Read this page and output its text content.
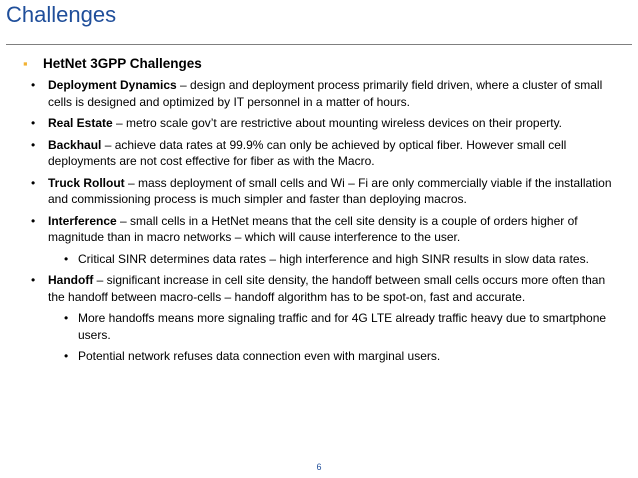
Challenges
▪	HetNet 3GPP Challenges
•	Deployment Dynamics – design and deployment process primarily field driven, where a cluster of small cells is designed and optimized by IT personnel in a matter of hours.
•	Real Estate – metro scale gov’t are restrictive about mounting wireless devices on their property.
•	Backhaul – achieve data rates at 99.9% can only be achieved by optical fiber. However small cell deployments are not cost effective for fiber as with the Macro.
•	Truck Rollout – mass deployment of small cells and Wi – Fi are only commercially viable if the installation and commissioning process is much simpler and faster than deploying macros.
•	Interference – small cells in a HetNet means that the cell site density is a couple of orders higher of magnitude than in macro networks – which will cause interference to the user.
• Critical SINR determines data rates – high interference and high SINR results in slow data rates.
•	Handoff – significant increase in cell site density, the handoff between small cells occurs more often than the handoff between macro-cells – handoff algorithm has to be spot-on, fast and accurate.
• More handoffs means more signaling traffic and for 4G LTE already traffic heavy due to smartphone users.
• Potential network refuses data connection even with marginal users.
6
